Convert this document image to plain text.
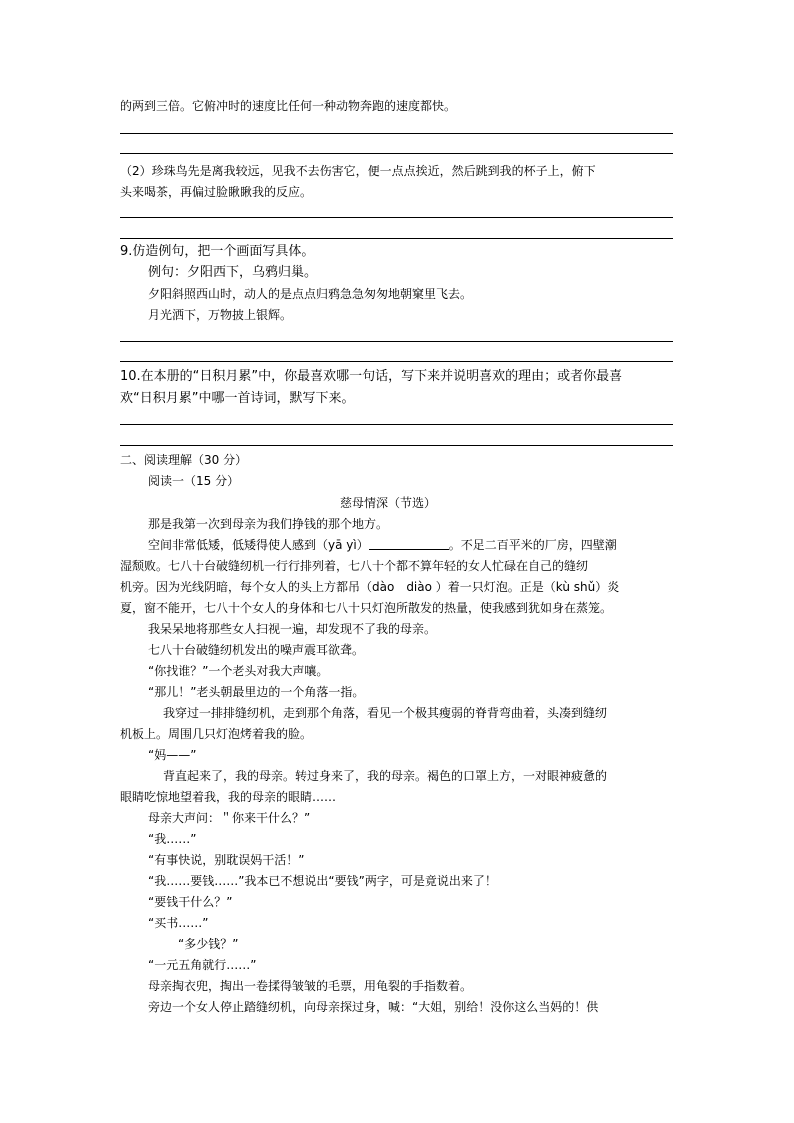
的两到三倍。它俯冲时的速度比任何一种动物奔跑的速度都快。

（2）珍珠鸟先是离我较远，见我不去伤害它，便一点点挨近，然后跳到我的杯子上，俯下

头来喝茶，再偏过脸瞅瞅我的反应。

9.仿造例句，把一个画面写具体。

例句：夕阳西下，乌鸦归巢。

夕阳斜照西山时，动人的是点点归鸦急急匆匆地朝窠里飞去。

月光洒下，万物披上银辉。

10.在本册的“日积月累”中，你最喜欢哪一句话，写下来并说明喜欢的理由；或者你最喜

欢“日积月累”中哪一首诗词，默写下来。

二、阅读理解（30 分）

阅读一（15 分）

慈母情深（节选）

那是我第一次到母亲为我们挣钱的那个地方。

空间非常低矮，低矮得使人感到（yā yì）	。不足二百平米的厂房，四壁潮

湿颓败。七八十台破缝纫机一行行排列着，七八十个都不算年轻的女人忙碌在自己的缝纫

机旁。因为光线阴暗，每个女人的头上方都吊（dào　diào ）着一只灯泡。正是（kù shǔ）炎

夏，窗不能开，七八十个女人的身体和七八十只灯泡所散发的热量，使我感到犹如身在蒸笼。

我呆呆地将那些女人扫视一遍，却发现不了我的母亲。

七八十台破缝纫机发出的噪声震耳欲聋。

“你找谁？”一个老头对我大声嚷。

“那儿！”老头朝最里边的一个角落一指。

我穿过一排排缝纫机，走到那个角落，看见一个极其瘦弱的脊背弯曲着，头凑到缝纫

机板上。周围几只灯泡烤着我的脸。

“妈——”

背直起来了，我的母亲。转过身来了，我的母亲。褐色的口罩上方，一对眼神疲惫的

眼睛吃惊地望着我，我的母亲的眼睛……

母亲大声问：＂你来干什么？”

“我……”

“有事快说，别耽误妈干活！”

“我……要钱……”我本已不想说出“要钱”两字，可是竟说出来了！

“要钱干什么？”

“买书……”

“多少钱？”

“一元五角就行……”

母亲掏衣兜，掏出一卷揉得皱皱的毛票，用龟裂的手指数着。

旁边一个女人停止踏缝纫机，向母亲探过身，喊：“大姐，别给！没你这么当妈的！供
